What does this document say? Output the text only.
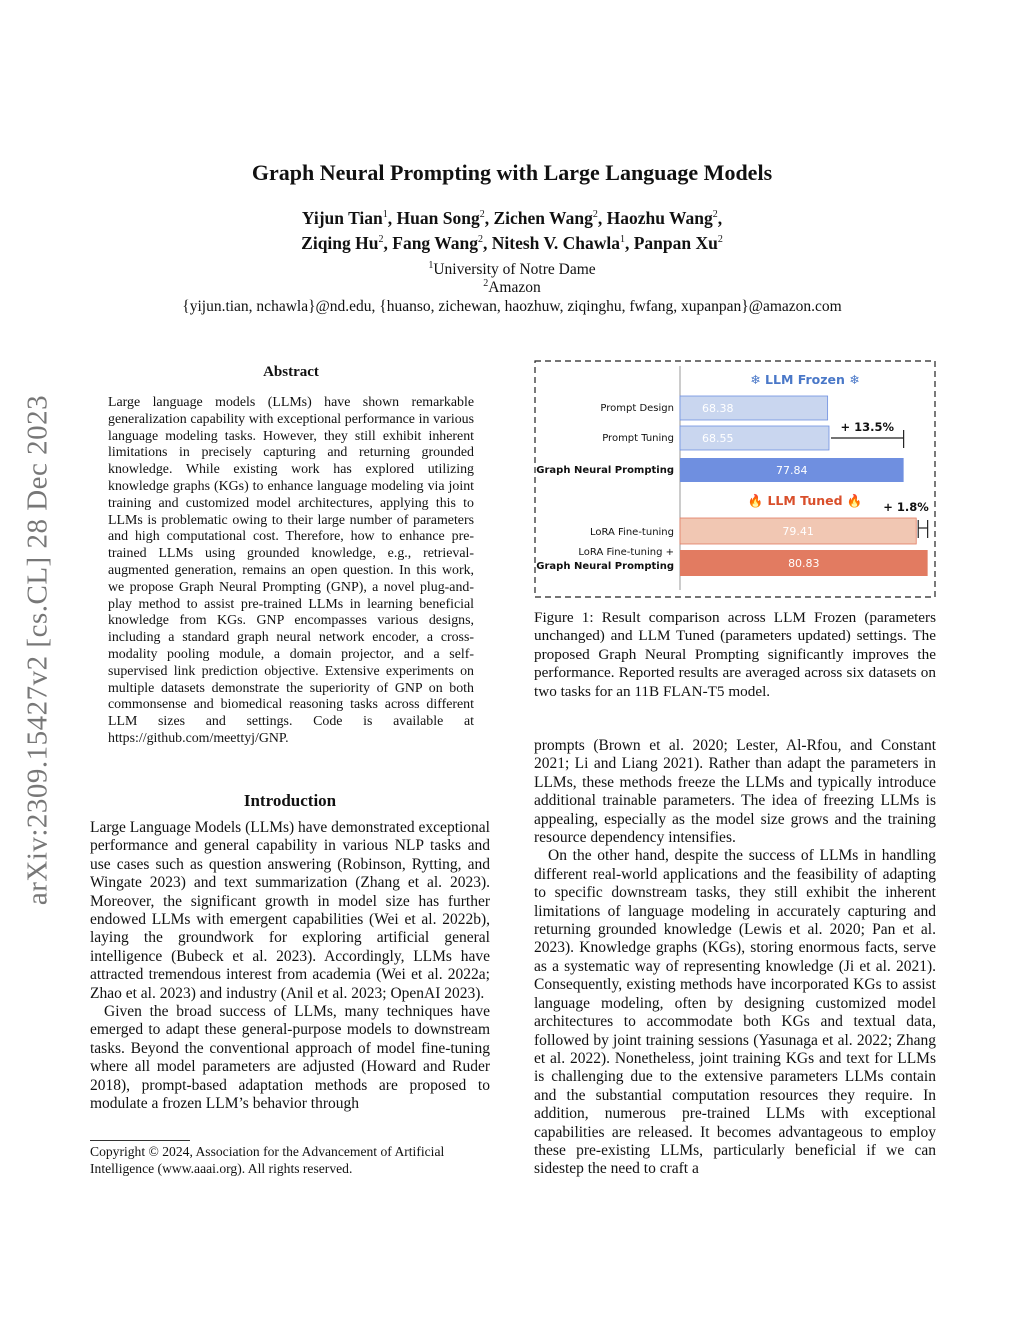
arXiv:2309.15427v2 [cs.CL] 28 Dec 2023
Graph Neural Prompting with Large Language Models
Yijun Tian$^1$, Huan Song$^2$, Zichen Wang$^2$, Haozhu Wang$^2$,
Ziqing Hu$^2$, Fang Wang$^2$, Nitesh V. Chawla$^1$, Panpan Xu$^2$
$^1$University of Notre Dame
$^2$Amazon
{yijun.tian, nchawla}@nd.edu, {huanso, zichewan, haozhuw, ziqinghu, fwfang, xupanpan}@amazon.com
Abstract
Large language models (LLMs) have shown remarkable generalization capability with exceptional performance in various language modeling tasks. However, they still exhibit inherent limitations in precisely capturing and returning grounded knowledge. While existing work has explored utilizing knowledge graphs (KGs) to enhance language modeling via joint training and customized model architectures, applying this to LLMs is problematic owing to their large number of parameters and high computational cost. Therefore, how to enhance pre-trained LLMs using grounded knowledge, e.g., retrieval-augmented generation, remains an open question. In this work, we propose Graph Neural Prompting (GNP), a novel plug-and-play method to assist pre-trained LLMs in learning beneficial knowledge from KGs. GNP encompasses various designs, including a standard graph neural network encoder, a cross-modality pooling module, a domain projector, and a self-supervised link prediction objective. Extensive experiments on multiple datasets demonstrate the superiority of GNP on both commonsense and biomedical reasoning tasks across different LLM sizes and settings. Code is available at https://github.com/meettyj/GNP.
Introduction

Large Language Models (LLMs) have demonstrated exceptional performance and general capability in various NLP tasks and use cases such as question answering (Robinson, Rytting, and Wingate 2023) and text summarization (Zhang et al. 2023). Moreover, the significant growth in model size has further endowed LLMs with emergent capabilities (Wei et al. 2022b), laying the groundwork for exploring artificial general intelligence (Bubeck et al. 2023). Accordingly, LLMs have attracted tremendous interest from academia (Wei et al. 2022a; Zhao et al. 2023) and industry (Anil et al. 2023; OpenAI 2023).

Given the broad success of LLMs, many techniques have emerged to adapt these general-purpose models to downstream tasks. Beyond the conventional approach of model fine-tuning where all model parameters are adjusted (Howard and Ruder 2018), prompt-based adaptation methods are proposed to modulate a frozen LLM’s behavior through

Copyright © 2024, Association for the Advancement of Artificial Intelligence (www.aaai.org). All rights reserved.
❄ LLM Frozen ❄
🔥 LLM Tuned 🔥
68.38
Prompt Design
68.55
Prompt Tuning
77.84
Graph Neural Prompting
+ 13.5%
79.41
80.83
LoRA Fine-tuning
LoRA Fine-tuning +
Graph Neural Prompting
+ 1.8%
Figure 1: Result comparison across LLM Frozen (parameters unchanged) and LLM Tuned (parameters updated) settings. The proposed Graph Neural Prompting significantly improves the performance. Reported results are averaged across six datasets on two tasks for an 11B FLAN-T5 model.

prompts (Brown et al. 2020; Lester, Al-Rfou, and Constant 2021; Li and Liang 2021). Rather than adapt the parameters in LLMs, these methods freeze the LLMs and typically introduce additional trainable parameters. The idea of freezing LLMs is appealing, especially as the model size grows and the training resource dependency intensifies.

On the other hand, despite the success of LLMs in handling different real-world applications and the feasibility of adapting to specific downstream tasks, they still exhibit the inherent limitations of language modeling in accurately capturing and returning grounded knowledge (Lewis et al. 2020; Pan et al. 2023). Knowledge graphs (KGs), storing enormous facts, serve as a systematic way of representing knowledge (Ji et al. 2021). Consequently, existing methods have incorporated KGs to assist language modeling, often by designing customized model architectures to accommodate both KGs and textual data, followed by joint training sessions (Yasunaga et al. 2022; Zhang et al. 2022). Nonetheless, joint training KGs and text for LLMs is challenging due to the extensive parameters LLMs contain and the substantial computation resources they require. In addition, numerous pre-trained LLMs with exceptional capabilities are released. It becomes advantageous to employ these pre-existing LLMs, particularly beneficial if we can sidestep the need to craft a
